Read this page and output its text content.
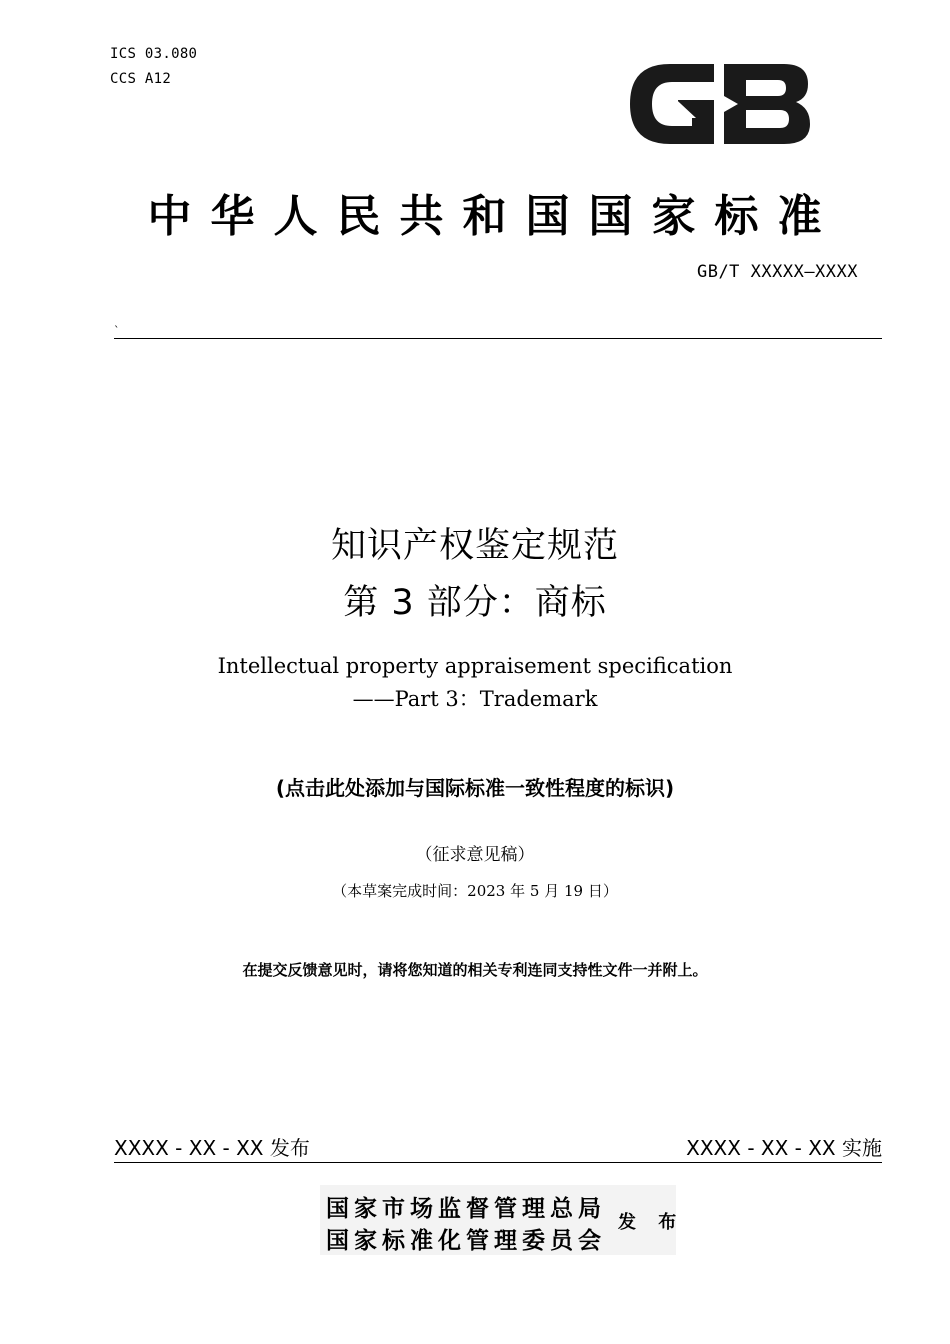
ICS 03.080
CCS A12
中华人民共和国国家标准
GB/T XXXXX—XXXX
`
知识产权鉴定规范
第 3 部分：商标
Intellectual property appraisement specification
——Part 3：Trademark
(点击此处添加与国际标准一致性程度的标识)
（征求意见稿）
（本草案完成时间：2023 年 5 月 19 日）
在提交反馈意见时，请将您知道的相关专利连同支持性文件一并附上。
XXXX - XX - XX 发布	XXXX - XX - XX 实施
国家市场监督管理总局
国家标准化管理委员会
发 布
